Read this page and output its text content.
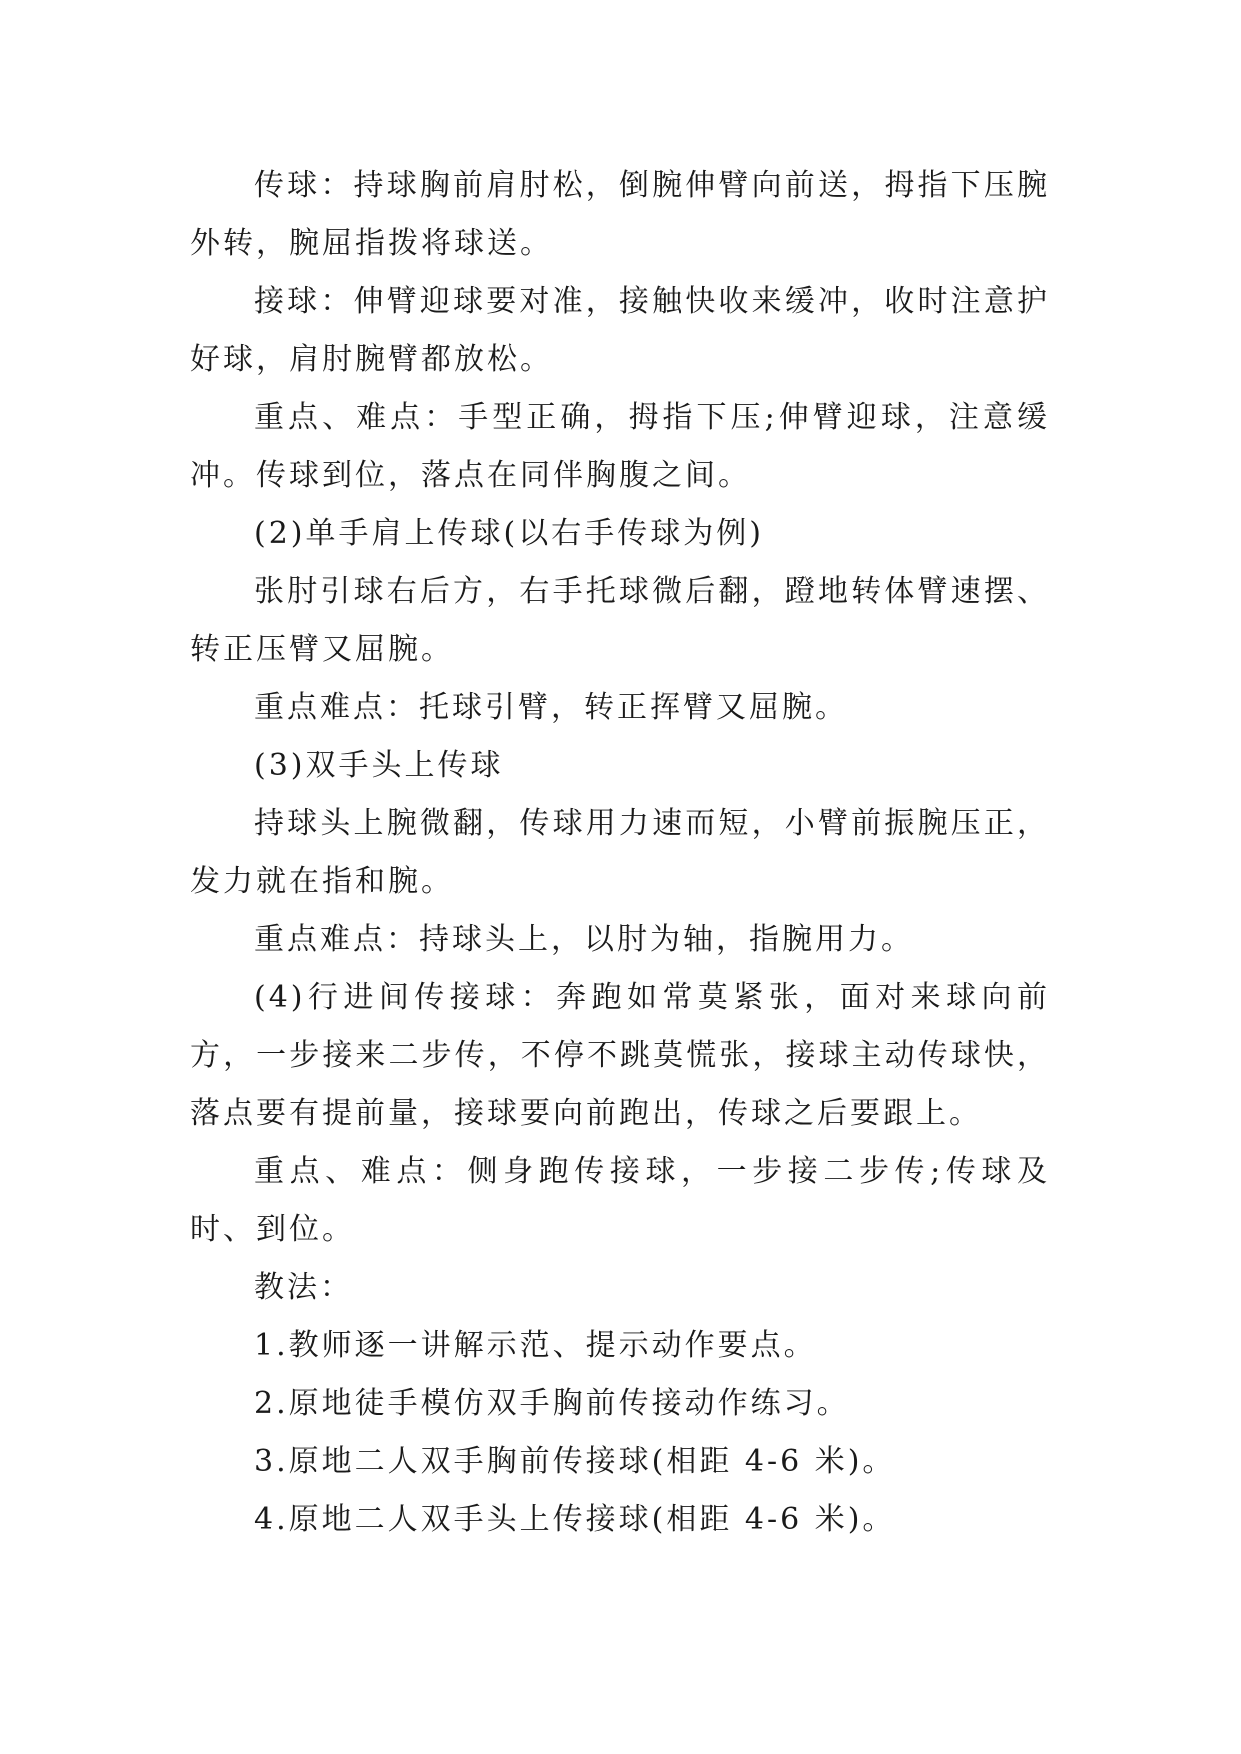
传球：持球胸前肩肘松，倒腕伸臂向前送，拇指下压腕外转，腕屈指拨将球送。

接球：伸臂迎球要对准，接触快收来缓冲，收时注意护好球，肩肘腕臂都放松。

重点、难点：手型正确，拇指下压;伸臂迎球，注意缓冲。传球到位，落点在同伴胸腹之间。

(2)单手肩上传球(以右手传球为例)

张肘引球右后方，右手托球微后翻，蹬地转体臂速摆、转正压臂又屈腕。

重点难点：托球引臂，转正挥臂又屈腕。

(3)双手头上传球

持球头上腕微翻，传球用力速而短，小臂前振腕压正，发力就在指和腕。

重点难点：持球头上，以肘为轴，指腕用力。

(4)行进间传接球：奔跑如常莫紧张，面对来球向前方，一步接来二步传，不停不跳莫慌张，接球主动传球快，落点要有提前量，接球要向前跑出，传球之后要跟上。

重点、难点：侧身跑传接球，一步接二步传;传球及时、到位。

教法：

1.教师逐一讲解示范、提示动作要点。

2.原地徒手模仿双手胸前传接动作练习。

3.原地二人双手胸前传接球(相距 4-6 米)。

4.原地二人双手头上传接球(相距 4-6 米)。
